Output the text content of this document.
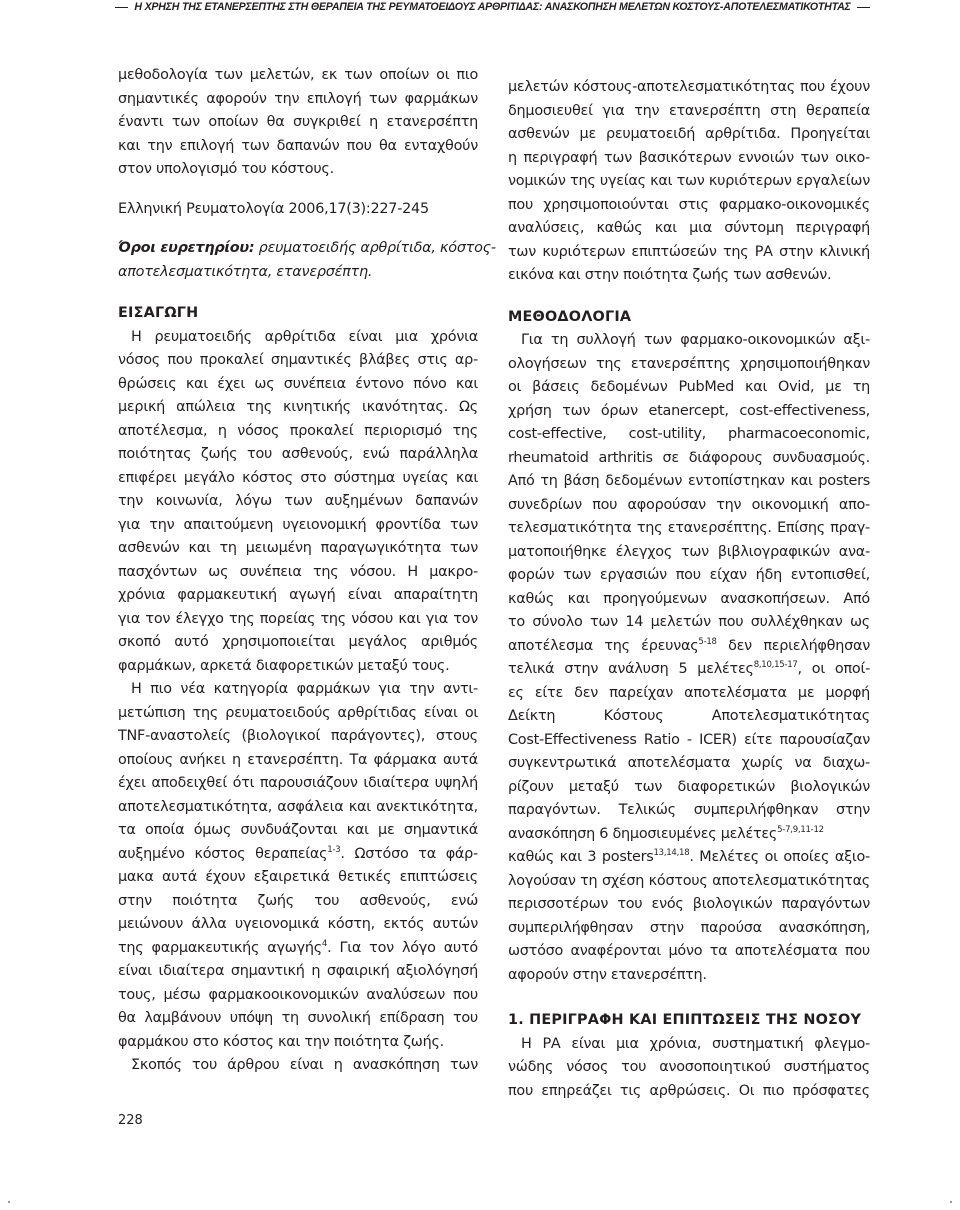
Η ΧΡΗΣΗ ΤΗΣ ΕΤΑΝΕΡΣΕΠΤΗΣ ΣΤΗ ΘΕΡΑΠΕΙΑ ΤΗΣ ΡΕΥΜΑΤΟΕΙΔΟΥΣ ΑΡΘΡΙΤΙΔΑΣ: ΑΝΑΣΚΟΠΗΣΗ ΜΕΛΕΤΩΝ ΚΟΣΤΟΥΣ-ΑΠΟΤΕΛΕΣΜΑΤΙΚΟΤΗΤΑΣ
μεθοδολογία των μελετών, εκ των οποίων οι πιο
σημαντικές αφορούν την επιλογή των φαρμάκων
έναντι των οποίων θα συγκριθεί η ετανερσέπτη
και την επιλογή των δαπανών που θα ενταχθούν
στον υπολογισμό του κόστους.
Ελληνική Ρευματολογία 2006,17(3):227-245
Όροι ευρετηρίου: ρευματοειδής αρθρίτιδα, κόστος-
αποτελεσματικότητα, ετανερσέπτη.
ΕΙΣΑΓΩΓΗ
Η ρευματοειδής αρθρίτιδα είναι μια χρόνια
νόσος που προκαλεί σημαντικές βλάβες στις αρ-
θρώσεις και έχει ως συνέπεια έντονο πόνο και
μερική απώλεια της κινητικής ικανότητας. Ως
αποτέλεσμα, η νόσος προκαλεί περιορισμό της
ποιότητας ζωής του ασθενούς, ενώ παράλληλα
επιφέρει μεγάλο κόστος στο σύστημα υγείας και
την κοινωνία, λόγω των αυξημένων δαπανών
για την απαιτούμενη υγειονομική φροντίδα των
ασθενών και τη μειωμένη παραγωγικότητα των
πασχόντων ως συνέπεια της νόσου. Η μακρο-
χρόνια φαρμακευτική αγωγή είναι απαραίτητη
για τον έλεγχο της πορείας της νόσου και για τον
σκοπό αυτό χρησιμοποιείται μεγάλος αριθμός
φαρμάκων, αρκετά διαφορετικών μεταξύ τους.
Η πιο νέα κατηγορία φαρμάκων για την αντι-
μετώπιση της ρευματοειδούς αρθρίτιδας είναι οι
TNF-αναστολείς (βιολογικοί παράγοντες), στους
οποίους ανήκει η ετανερσέπτη. Τα φάρμακα αυτά
έχει αποδειχθεί ότι παρουσιάζουν ιδιαίτερα υψηλή
αποτελεσματικότητα, ασφάλεια και ανεκτικότητα,
τα οποία όμως συνδυάζονται και με σημαντικά
αυξημένο κόστος θεραπείας$^{1-3}$. Ωστόσο τα φάρ-
μακα αυτά έχουν εξαιρετικά θετικές επιπτώσεις
στην ποιότητα ζωής του ασθενούς, ενώ
μειώνουν άλλα υγειονομικά κόστη, εκτός αυτών
της φαρμακευτικής αγωγής$^4$. Για τον λόγο αυτό
είναι ιδιαίτερα σημαντική η σφαιρική αξιολόγησή
τους, μέσω φαρμακοοικονομικών αναλύσεων που
θα λαμβάνουν υπόψη τη συνολική επίδραση του
φαρμάκου στο κόστος και την ποιότητα ζωής.
Σκοπός του άρθρου είναι η ανασκόπηση των
μελετών κόστους-αποτελεσματικότητας που έχουν
δημοσιευθεί για την ετανερσέπτη στη θεραπεία
ασθενών με ρευματοειδή αρθρίτιδα. Προηγείται
η περιγραφή των βασικότερων εννοιών των οικο-
νομικών της υγείας και των κυριότερων εργαλείων
που χρησιμοποιούνται στις φαρμακο-οικονομικές
αναλύσεις, καθώς και μια σύντομη περιγραφή
των κυριότερων επιπτώσεών της ΡΑ στην κλινική
εικόνα και στην ποιότητα ζωής των ασθενών.
ΜΕΘΟΔΟΛΟΓΙΑ
Για τη συλλογή των φαρμακο-οικονομικών αξι-
ολογήσεων της ετανερσέπτης χρησιμοποιήθηκαν
οι βάσεις δεδομένων PubMed και Ovid, με τη
χρήση των όρων etanercept, cost-effectiveness,
cost-effective, cost-utility, pharmacoeconomic,
rheumatoid arthritis σε διάφορους συνδυασμούς.
Από τη βάση δεδομένων εντοπίστηκαν και posters
συνεδρίων που αφορούσαν την οικονομική απο-
τελεσματικότητα της ετανερσέπτης. Επίσης πραγ-
ματοποιήθηκε έλεγχος των βιβλιογραφικών ανα-
φορών των εργασιών που είχαν ήδη εντοπισθεί,
καθώς και προηγούμενων ανασκοπήσεων. Από
το σύνολο των 14 μελετών που συλλέχθηκαν ως
αποτέλεσμα της έρευνας$^{5-18}$ δεν περιελήφθησαν
τελικά στην ανάλυση 5 μελέτες$^{8,10,15-17}$, οι οποί-
ες είτε δεν παρείχαν αποτελέσματα με μορφή
Δείκτη Κόστους Αποτελεσματικότητας
Cost-Effectiveness Ratio - ICER) είτε παρουσίαζαν
συγκεντρωτικά αποτελέσματα χωρίς να διαχω-
ρίζουν μεταξύ των διαφορετικών βιολογικών
παραγόντων. Τελικώς συμπεριλήφθηκαν στην
ανασκόπηση 6 δημοσιευμένες μελέτες$^{5-7,9,11-12}$
καθώς και 3 posters$^{13,14,18}$. Μελέτες οι οποίες αξιο-
λογούσαν τη σχέση κόστους αποτελεσματικότητας
περισσοτέρων του ενός βιολογικών παραγόντων
συμπεριλήφθησαν στην παρούσα ανασκόπηση,
ωστόσο αναφέρονται μόνο τα αποτελέσματα που
αφορούν στην ετανερσέπτη.
1. ΠΕΡΙΓΡΑΦΗ ΚΑΙ ΕΠΙΠΤΩΣΕΙΣ ΤΗΣ ΝΟΣΟΥ
Η ΡΑ είναι μια χρόνια, συστηματική φλεγμο-
νώδης νόσος του ανοσοποιητικού συστήματος
που επηρεάζει τις αρθρώσεις. Οι πιο πρόσφατες
228
